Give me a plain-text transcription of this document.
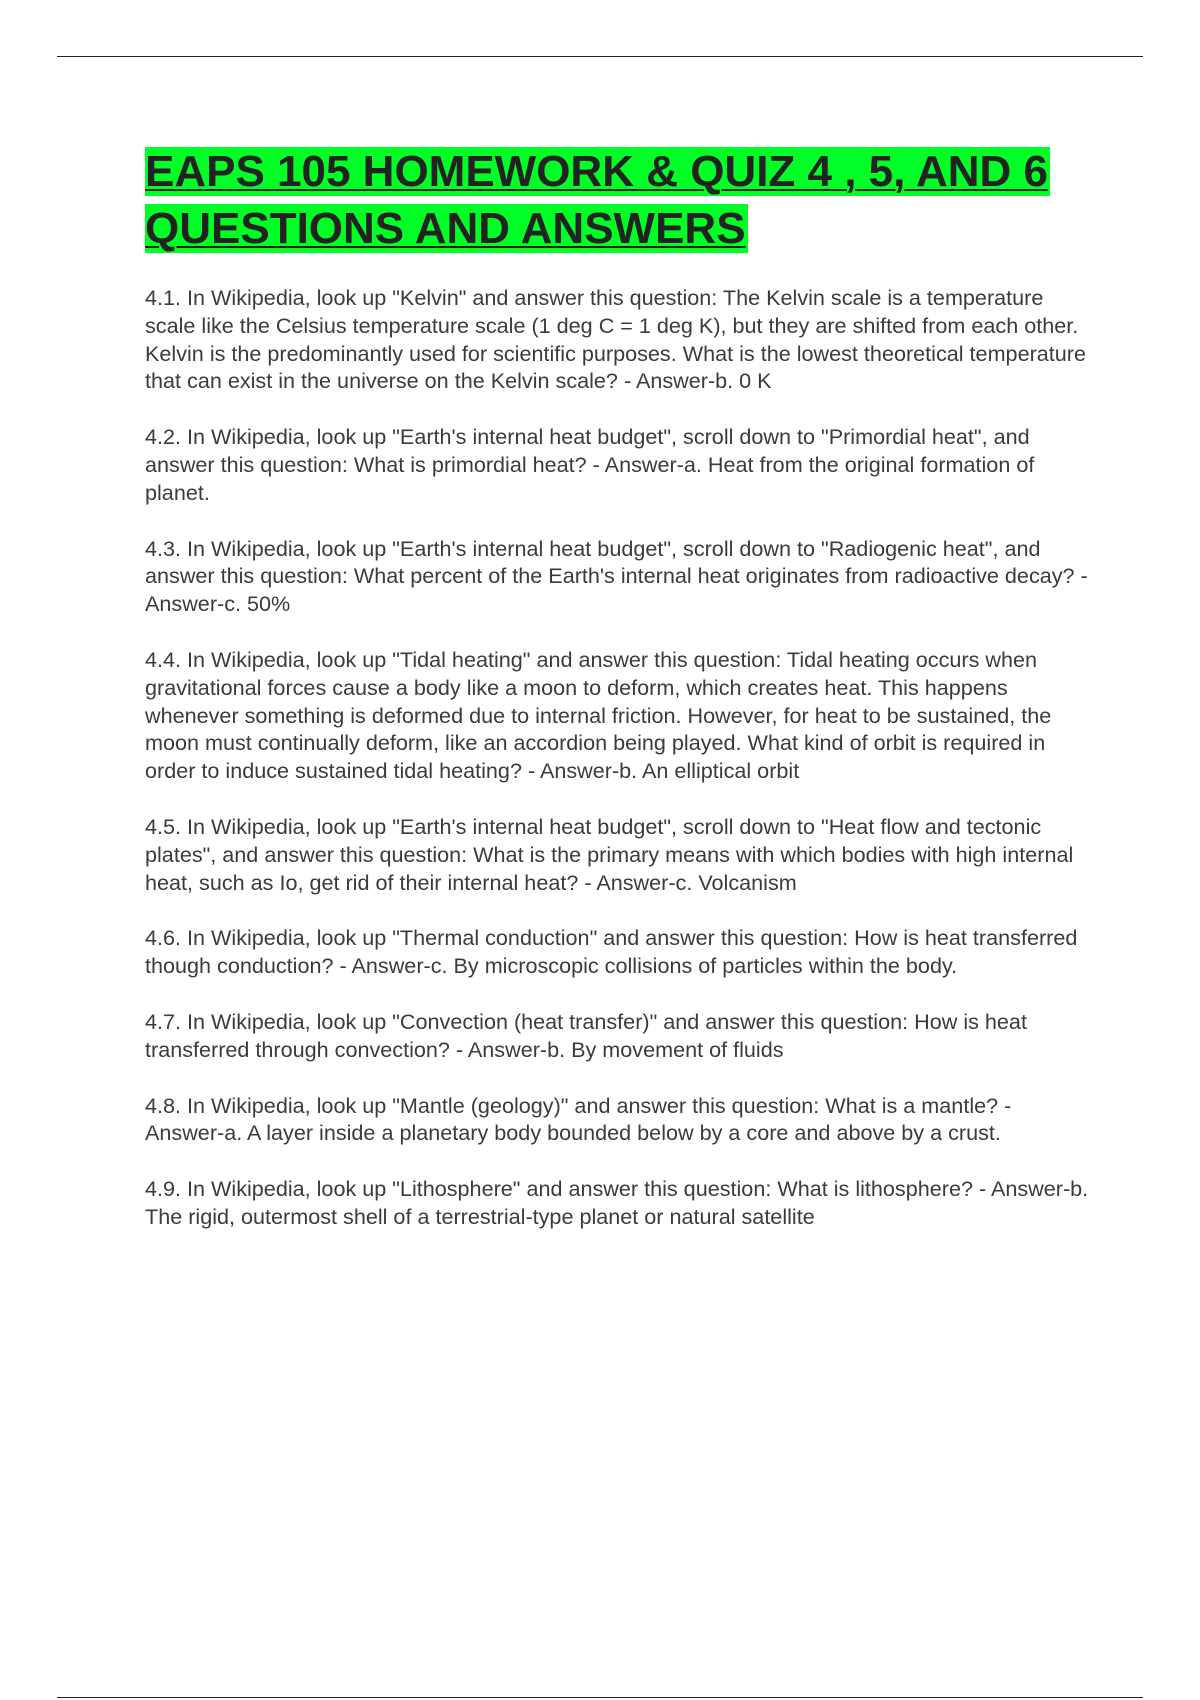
EAPS 105 HOMEWORK & QUIZ 4 , 5, AND 6 QUESTIONS AND ANSWERS
4.1. In Wikipedia, look up "Kelvin" and answer this question: The Kelvin scale is a temperature scale like the Celsius temperature scale (1 deg C = 1 deg K), but they are shifted from each other. Kelvin is the predominantly used for scientific purposes. What is the lowest theoretical temperature that can exist in the universe on the Kelvin scale? - Answer-b. 0 K
4.2. In Wikipedia, look up "Earth's internal heat budget", scroll down to "Primordial heat", and answer this question: What is primordial heat? - Answer-a. Heat from the original formation of planet.
4.3. In Wikipedia, look up "Earth's internal heat budget", scroll down to "Radiogenic heat", and answer this question: What percent of the Earth's internal heat originates from radioactive decay? - Answer-c. 50%
4.4. In Wikipedia, look up "Tidal heating" and answer this question: Tidal heating occurs when gravitational forces cause a body like a moon to deform, which creates heat. This happens whenever something is deformed due to internal friction. However, for heat to be sustained, the moon must continually deform, like an accordion being played. What kind of orbit is required in order to induce sustained tidal heating? - Answer-b. An elliptical orbit
4.5. In Wikipedia, look up "Earth's internal heat budget", scroll down to "Heat flow and tectonic plates", and answer this question: What is the primary means with which bodies with high internal heat, such as Io, get rid of their internal heat? - Answer-c. Volcanism
4.6. In Wikipedia, look up "Thermal conduction" and answer this question: How is heat transferred though conduction? - Answer-c. By microscopic collisions of particles within the body.
4.7. In Wikipedia, look up "Convection (heat transfer)" and answer this question: How is heat transferred through convection? - Answer-b. By movement of fluids
4.8. In Wikipedia, look up "Mantle (geology)" and answer this question: What is a mantle? - Answer-a. A layer inside a planetary body bounded below by a core and above by a crust.
4.9. In Wikipedia, look up "Lithosphere" and answer this question: What is lithosphere? - Answer-b. The rigid, outermost shell of a terrestrial-type planet or natural satellite
